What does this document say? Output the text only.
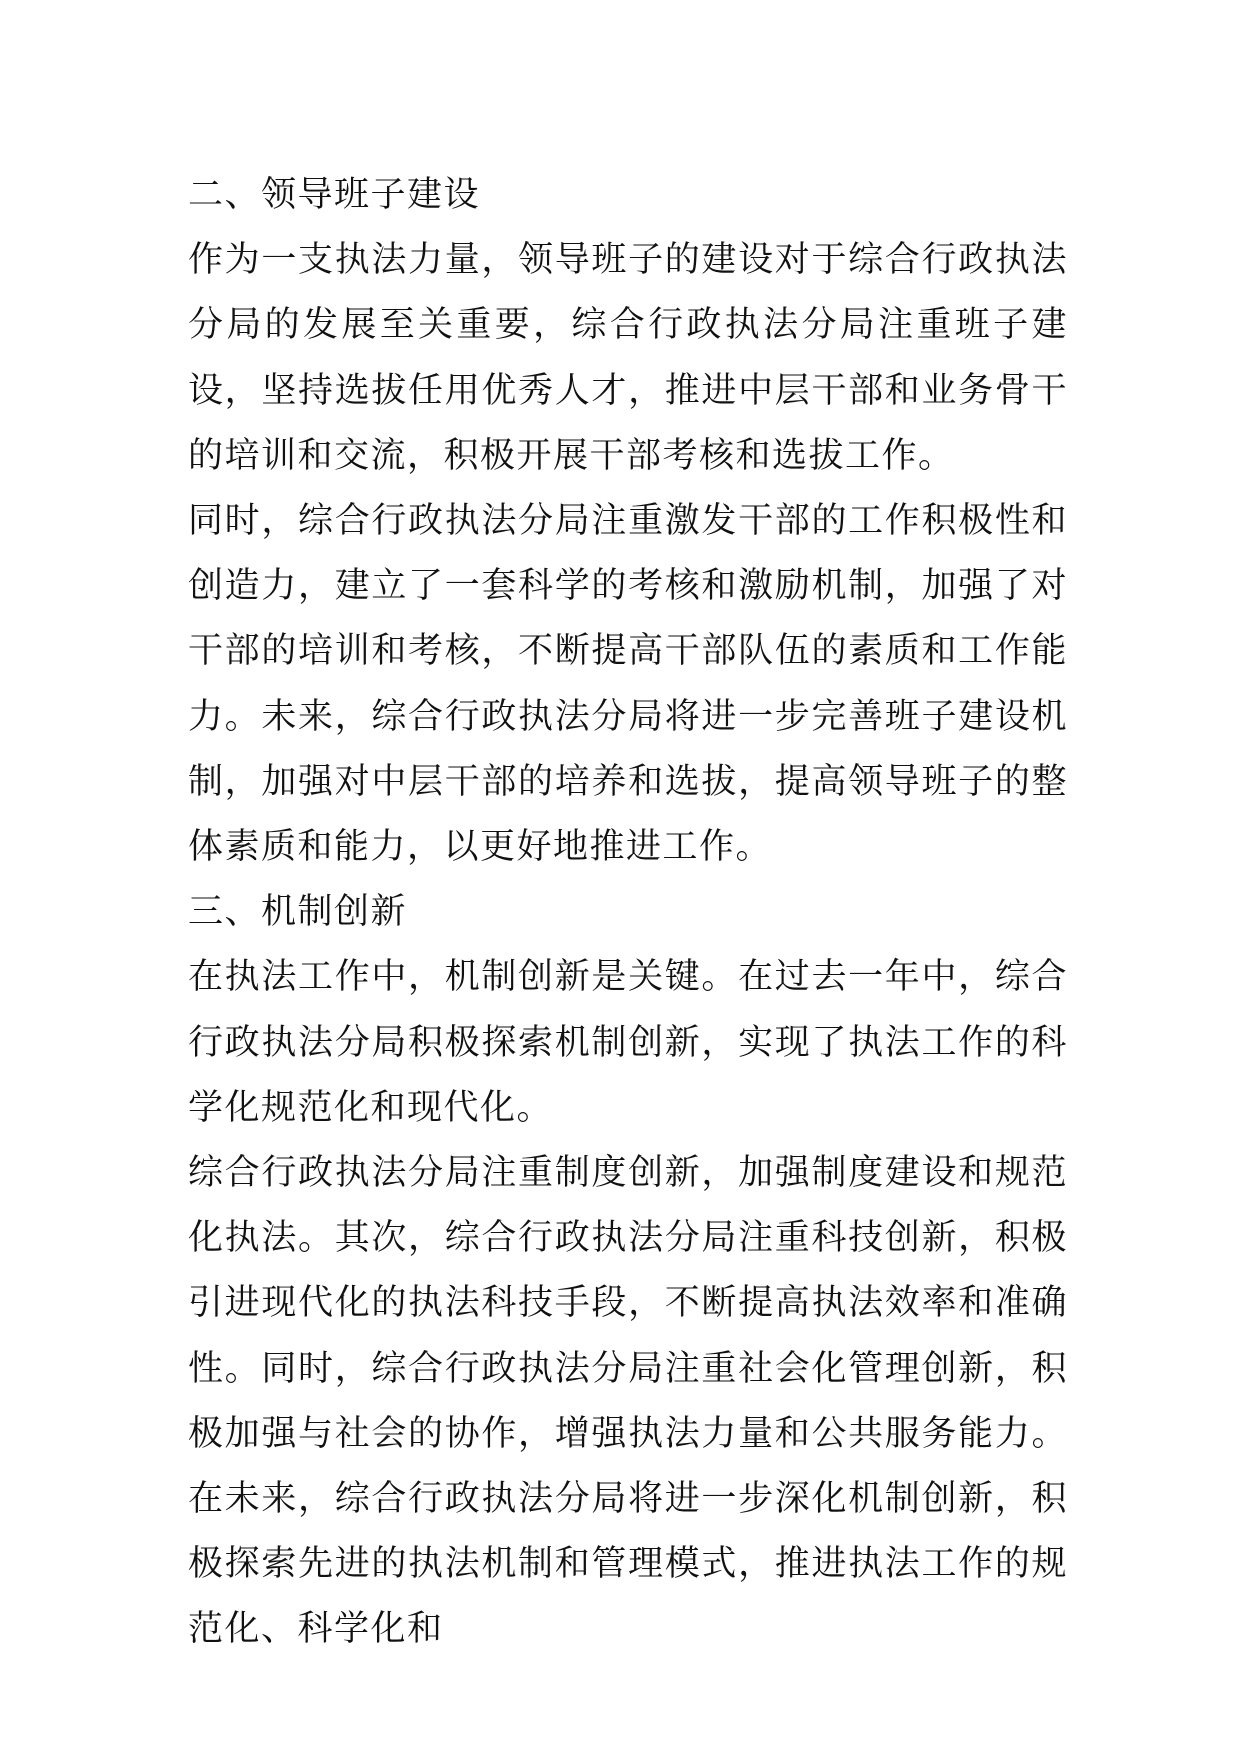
二、领导班子建设

作为一支执法力量，领导班子的建设对于综合行政执法分局的发展至关重要，综合行政执法分局注重班子建设，坚持选拔任用优秀人才，推进中层干部和业务骨干的培训和交流，积极开展干部考核和选拔工作。

同时，综合行政执法分局注重激发干部的工作积极性和创造力，建立了一套科学的考核和激励机制，加强了对干部的培训和考核，不断提高干部队伍的素质和工作能力。未来，综合行政执法分局将进一步完善班子建设机制，加强对中层干部的培养和选拔，提高领导班子的整体素质和能力，以更好地推进工作。

三、机制创新

在执法工作中，机制创新是关键。在过去一年中，综合行政执法分局积极探索机制创新，实现了执法工作的科学化规范化和现代化。

综合行政执法分局注重制度创新，加强制度建设和规范化执法。其次，综合行政执法分局注重科技创新，积极引进现代化的执法科技手段，不断提高执法效率和准确性。同时，综合行政执法分局注重社会化管理创新，积极加强与社会的协作，增强执法力量和公共服务能力。在未来，综合行政执法分局将进一步深化机制创新，积极探索先进的执法机制和管理模式，推进执法工作的规范化、科学化和
